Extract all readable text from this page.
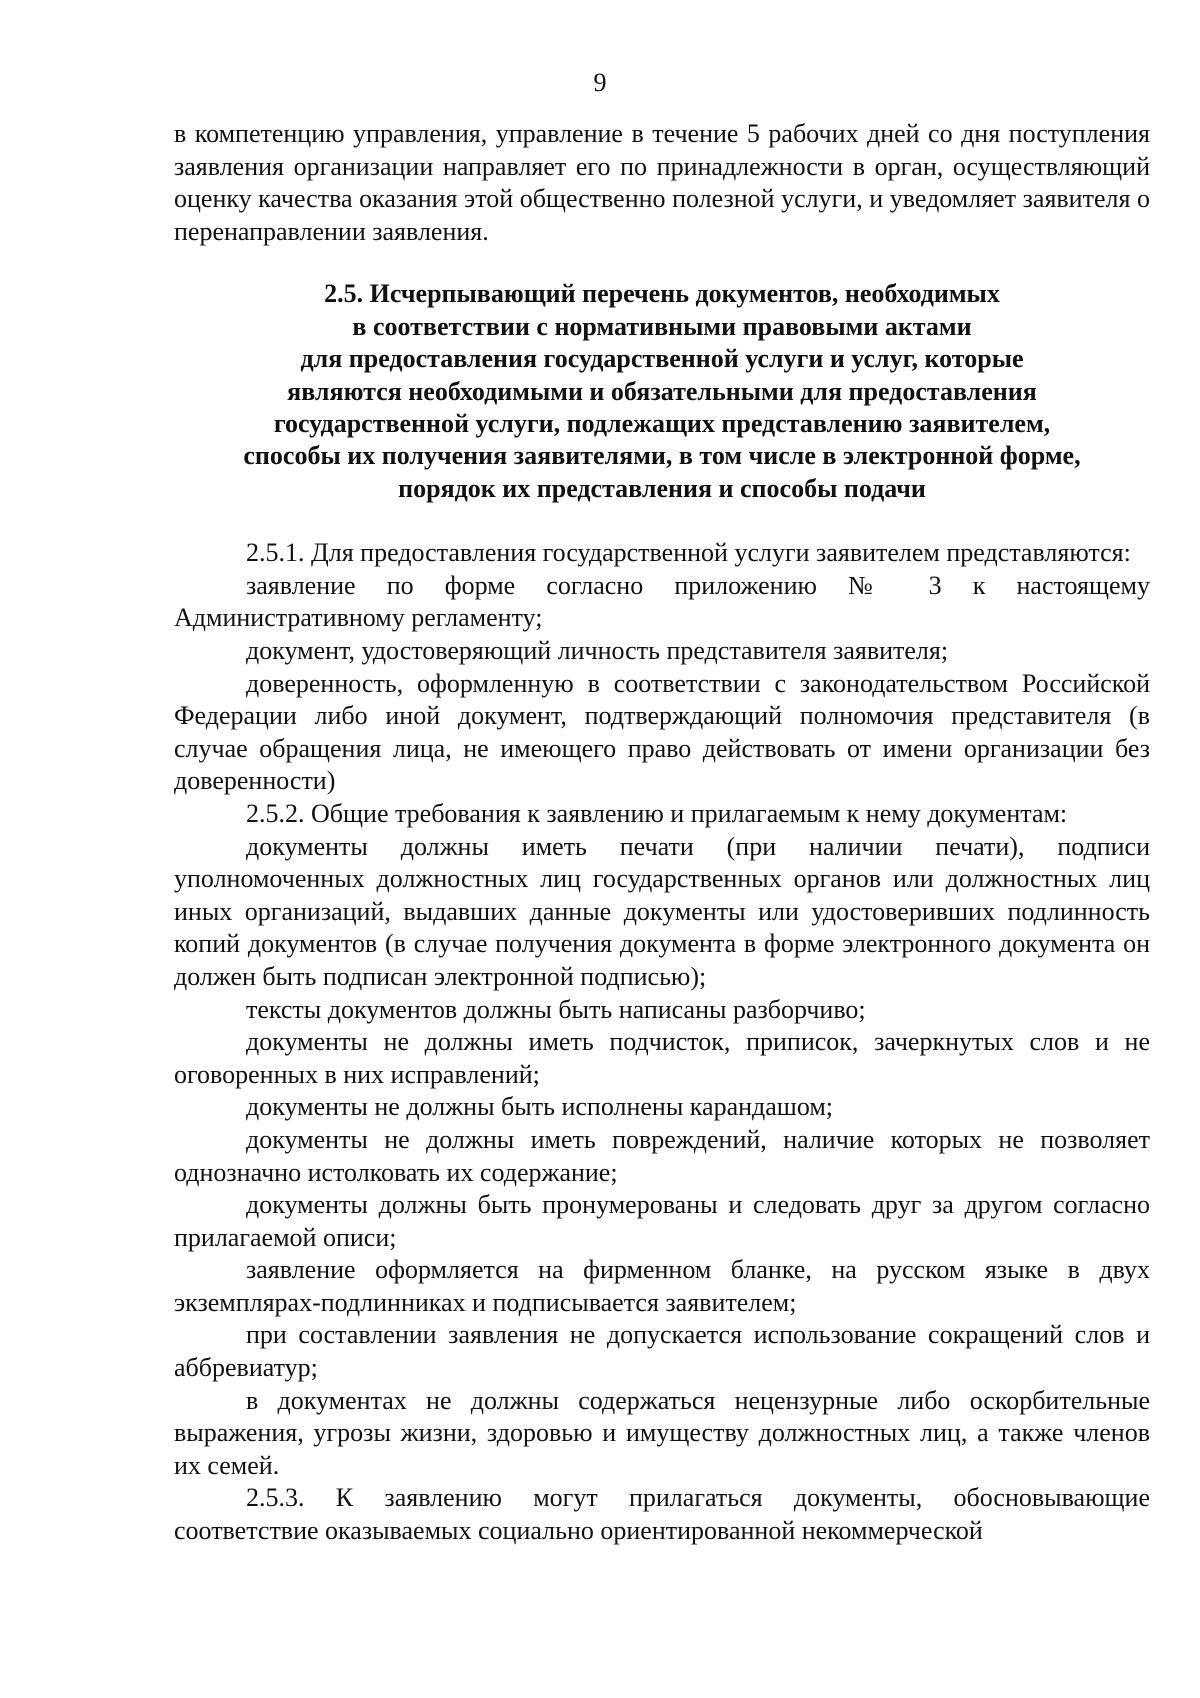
9

в компетенцию управления, управление в течение 5 рабочих дней со дня поступления заявления организации направляет его по принадлежности в орган, осуществляющий оценку качества оказания этой общественно полезной услуги, и уведомляет заявителя о перенаправлении заявления.

2.5. Исчерпывающий перечень документов, необходимых
в соответствии с нормативными правовыми актами
для предоставления государственной услуги и услуг, которые
являются необходимыми и обязательными для предоставления
государственной услуги, подлежащих представлению заявителем,
способы их получения заявителями, в том числе в электронной форме,
порядок их представления и способы подачи

2.5.1. Для предоставления государственной услуги заявителем представляются:

заявление по форме согласно приложению № 3 к настоящему Административному регламенту;

документ, удостоверяющий личность представителя заявителя;

доверенность, оформленную в соответствии с законодательством Российской Федерации либо иной документ, подтверждающий полномочия представителя (в случае обращения лица, не имеющего право действовать от имени организации без доверенности)

2.5.2. Общие требования к заявлению и прилагаемым к нему документам:

документы должны иметь печати (при наличии печати), подписи уполномоченных должностных лиц государственных органов или должностных лиц иных организаций, выдавших данные документы или удостоверивших подлинность копий документов (в случае получения документа в форме электронного документа он должен быть подписан электронной подписью);

тексты документов должны быть написаны разборчиво;

документы не должны иметь подчисток, приписок, зачеркнутых слов и не оговоренных в них исправлений;

документы не должны быть исполнены карандашом;

документы не должны иметь повреждений, наличие которых не позволяет однозначно истолковать их содержание;

документы должны быть пронумерованы и следовать друг за другом согласно прилагаемой описи;

заявление оформляется на фирменном бланке, на русском языке в двух экземплярах-подлинниках и подписывается заявителем;

при составлении заявления не допускается использование сокращений слов и аббревиатур;

в документах не должны содержаться нецензурные либо оскорбительные выражения, угрозы жизни, здоровью и имуществу должностных лиц, а также членов их семей.

2.5.3. К заявлению могут прилагаться документы, обосновывающие соответствие оказываемых социально ориентированной некоммерческой
